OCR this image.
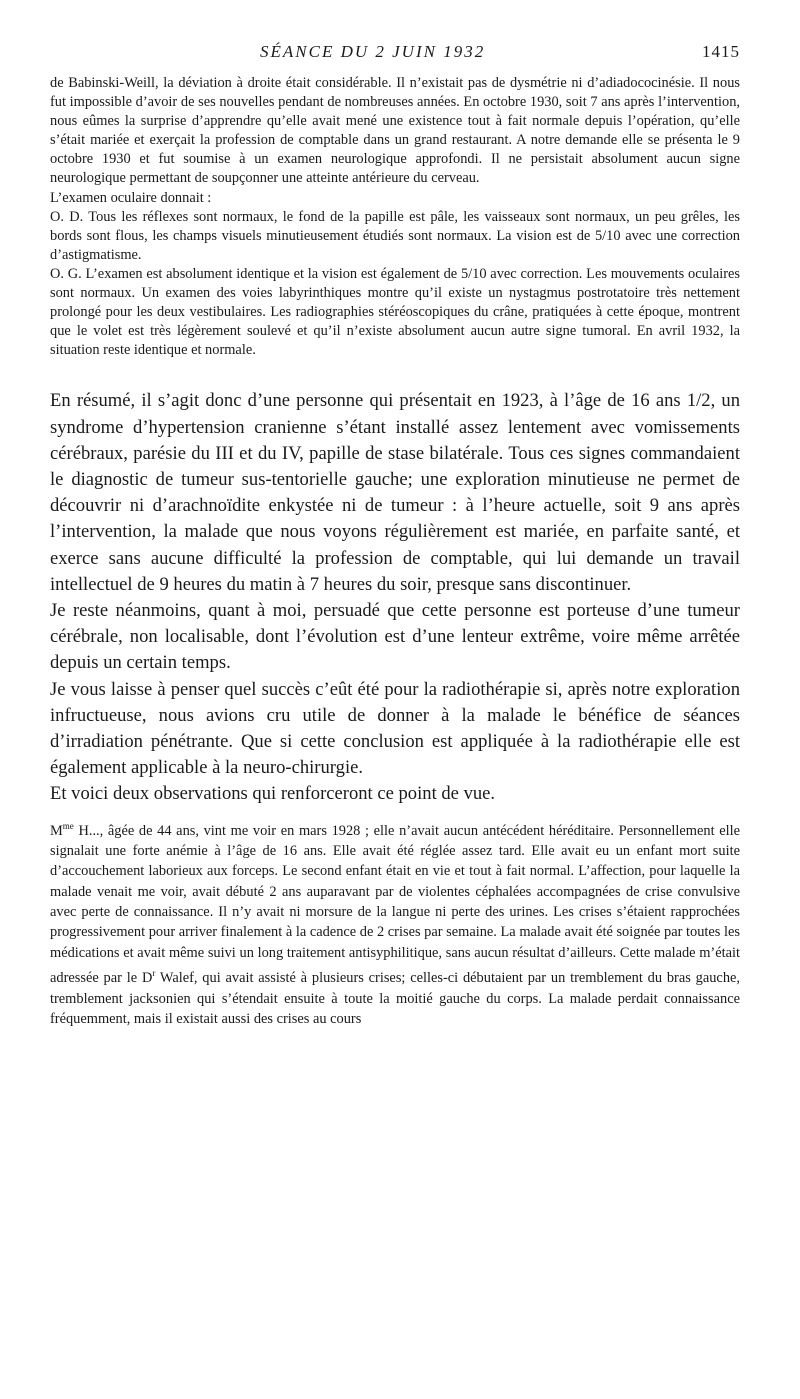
SÉANCE DU 2 JUIN 1932	1415

de Babinski-Weill, la déviation à droite était considérable. Il n’existait pas de dysmétrie ni d’adiadococinésie. Il nous fut impossible d’avoir de ses nouvelles pendant de nombreuses années. En octobre 1930, soit 7 ans après l’intervention, nous eûmes la surprise d’apprendre qu’elle avait mené une existence tout à fait normale depuis l’opération, qu’elle s’était mariée et exerçait la profession de comptable dans un grand restaurant. A notre demande elle se présenta le 9 octobre 1930 et fut soumise à un examen neurologique approfondi. Il ne persistait absolument aucun signe neurologique permettant de soupçonner une atteinte antérieure du cerveau.

L’examen oculaire donnait :

O. D. Tous les réflexes sont normaux, le fond de la papille est pâle, les vaisseaux sont normaux, un peu grêles, les bords sont flous, les champs visuels minutieusement étudiés sont normaux. La vision est de 5/10 avec une correction d’astigmatisme.

O. G. L’examen est absolument identique et la vision est également de 5/10 avec correction. Les mouvements oculaires sont normaux. Un examen des voies labyrinthiques montre qu’il existe un nystagmus postrotatoire très nettement prolongé pour les deux vestibulaires. Les radiographies stéréoscopiques du crâne, pratiquées à cette époque, montrent que le volet est très légèrement soulevé et qu’il n’existe absolument aucun autre signe tumoral. En avril 1932, la situation reste identique et normale.

En résumé, il s’agit donc d’une personne qui présentait en 1923, à l’âge de 16 ans 1/2, un syndrome d’hypertension cranienne s’étant installé assez lentement avec vomissements cérébraux, parésie du III et du IV, papille de stase bilatérale. Tous ces signes commandaient le diagnostic de tumeur sus-tentorielle gauche; une exploration minutieuse ne permet de découvrir ni d’arachnoïdite enkystée ni de tumeur : à l’heure actuelle, soit 9 ans après l’intervention, la malade que nous voyons régulièrement est mariée, en parfaite santé, et exerce sans aucune difficulté la profession de comptable, qui lui demande un travail intellectuel de 9 heures du matin à 7 heures du soir, presque sans discontinuer.

Je reste néanmoins, quant à moi, persuadé que cette personne est porteuse d’une tumeur cérébrale, non localisable, dont l’évolution est d’une lenteur extrême, voire même arrêtée depuis un certain temps.

Je vous laisse à penser quel succès c’eût été pour la radiothérapie si, après notre exploration infructueuse, nous avions cru utile de donner à la malade le bénéfice de séances d’irradiation pénétrante. Que si cette conclusion est appliquée à la radiothérapie elle est également applicable à la neuro-chirurgie.

Et voici deux observations qui renforceront ce point de vue.

$M^{me}$ H..., âgée de 44 ans, vint me voir en mars 1928 ; elle n’avait aucun antécédent héréditaire. Personnellement elle signalait une forte anémie à l’âge de 16 ans. Elle avait été réglée assez tard. Elle avait eu un enfant mort suite d’accouchement laborieux aux forceps. Le second enfant était en vie et tout à fait normal. L’affection, pour laquelle la malade venait me voir, avait débuté 2 ans auparavant par de violentes céphalées accompagnées de crise convulsive avec perte de connaissance. Il n’y avait ni morsure de la langue ni perte des urines. Les crises s’étaient rapprochées progressivement pour arriver finalement à la cadence de 2 crises par semaine. La malade avait été soignée par toutes les médications et avait même suivi un long traitement antisyphilitique, sans aucun résultat d’ailleurs. Cette malade m’était adressée par le $D^r$ Walef, qui avait assisté à plusieurs crises; celles-ci débutaient par un tremblement du bras gauche, tremblement jacksonien qui s’étendait ensuite à toute la moitié gauche du corps. La malade perdait connaissance fréquemment, mais il existait aussi des crises au cours
